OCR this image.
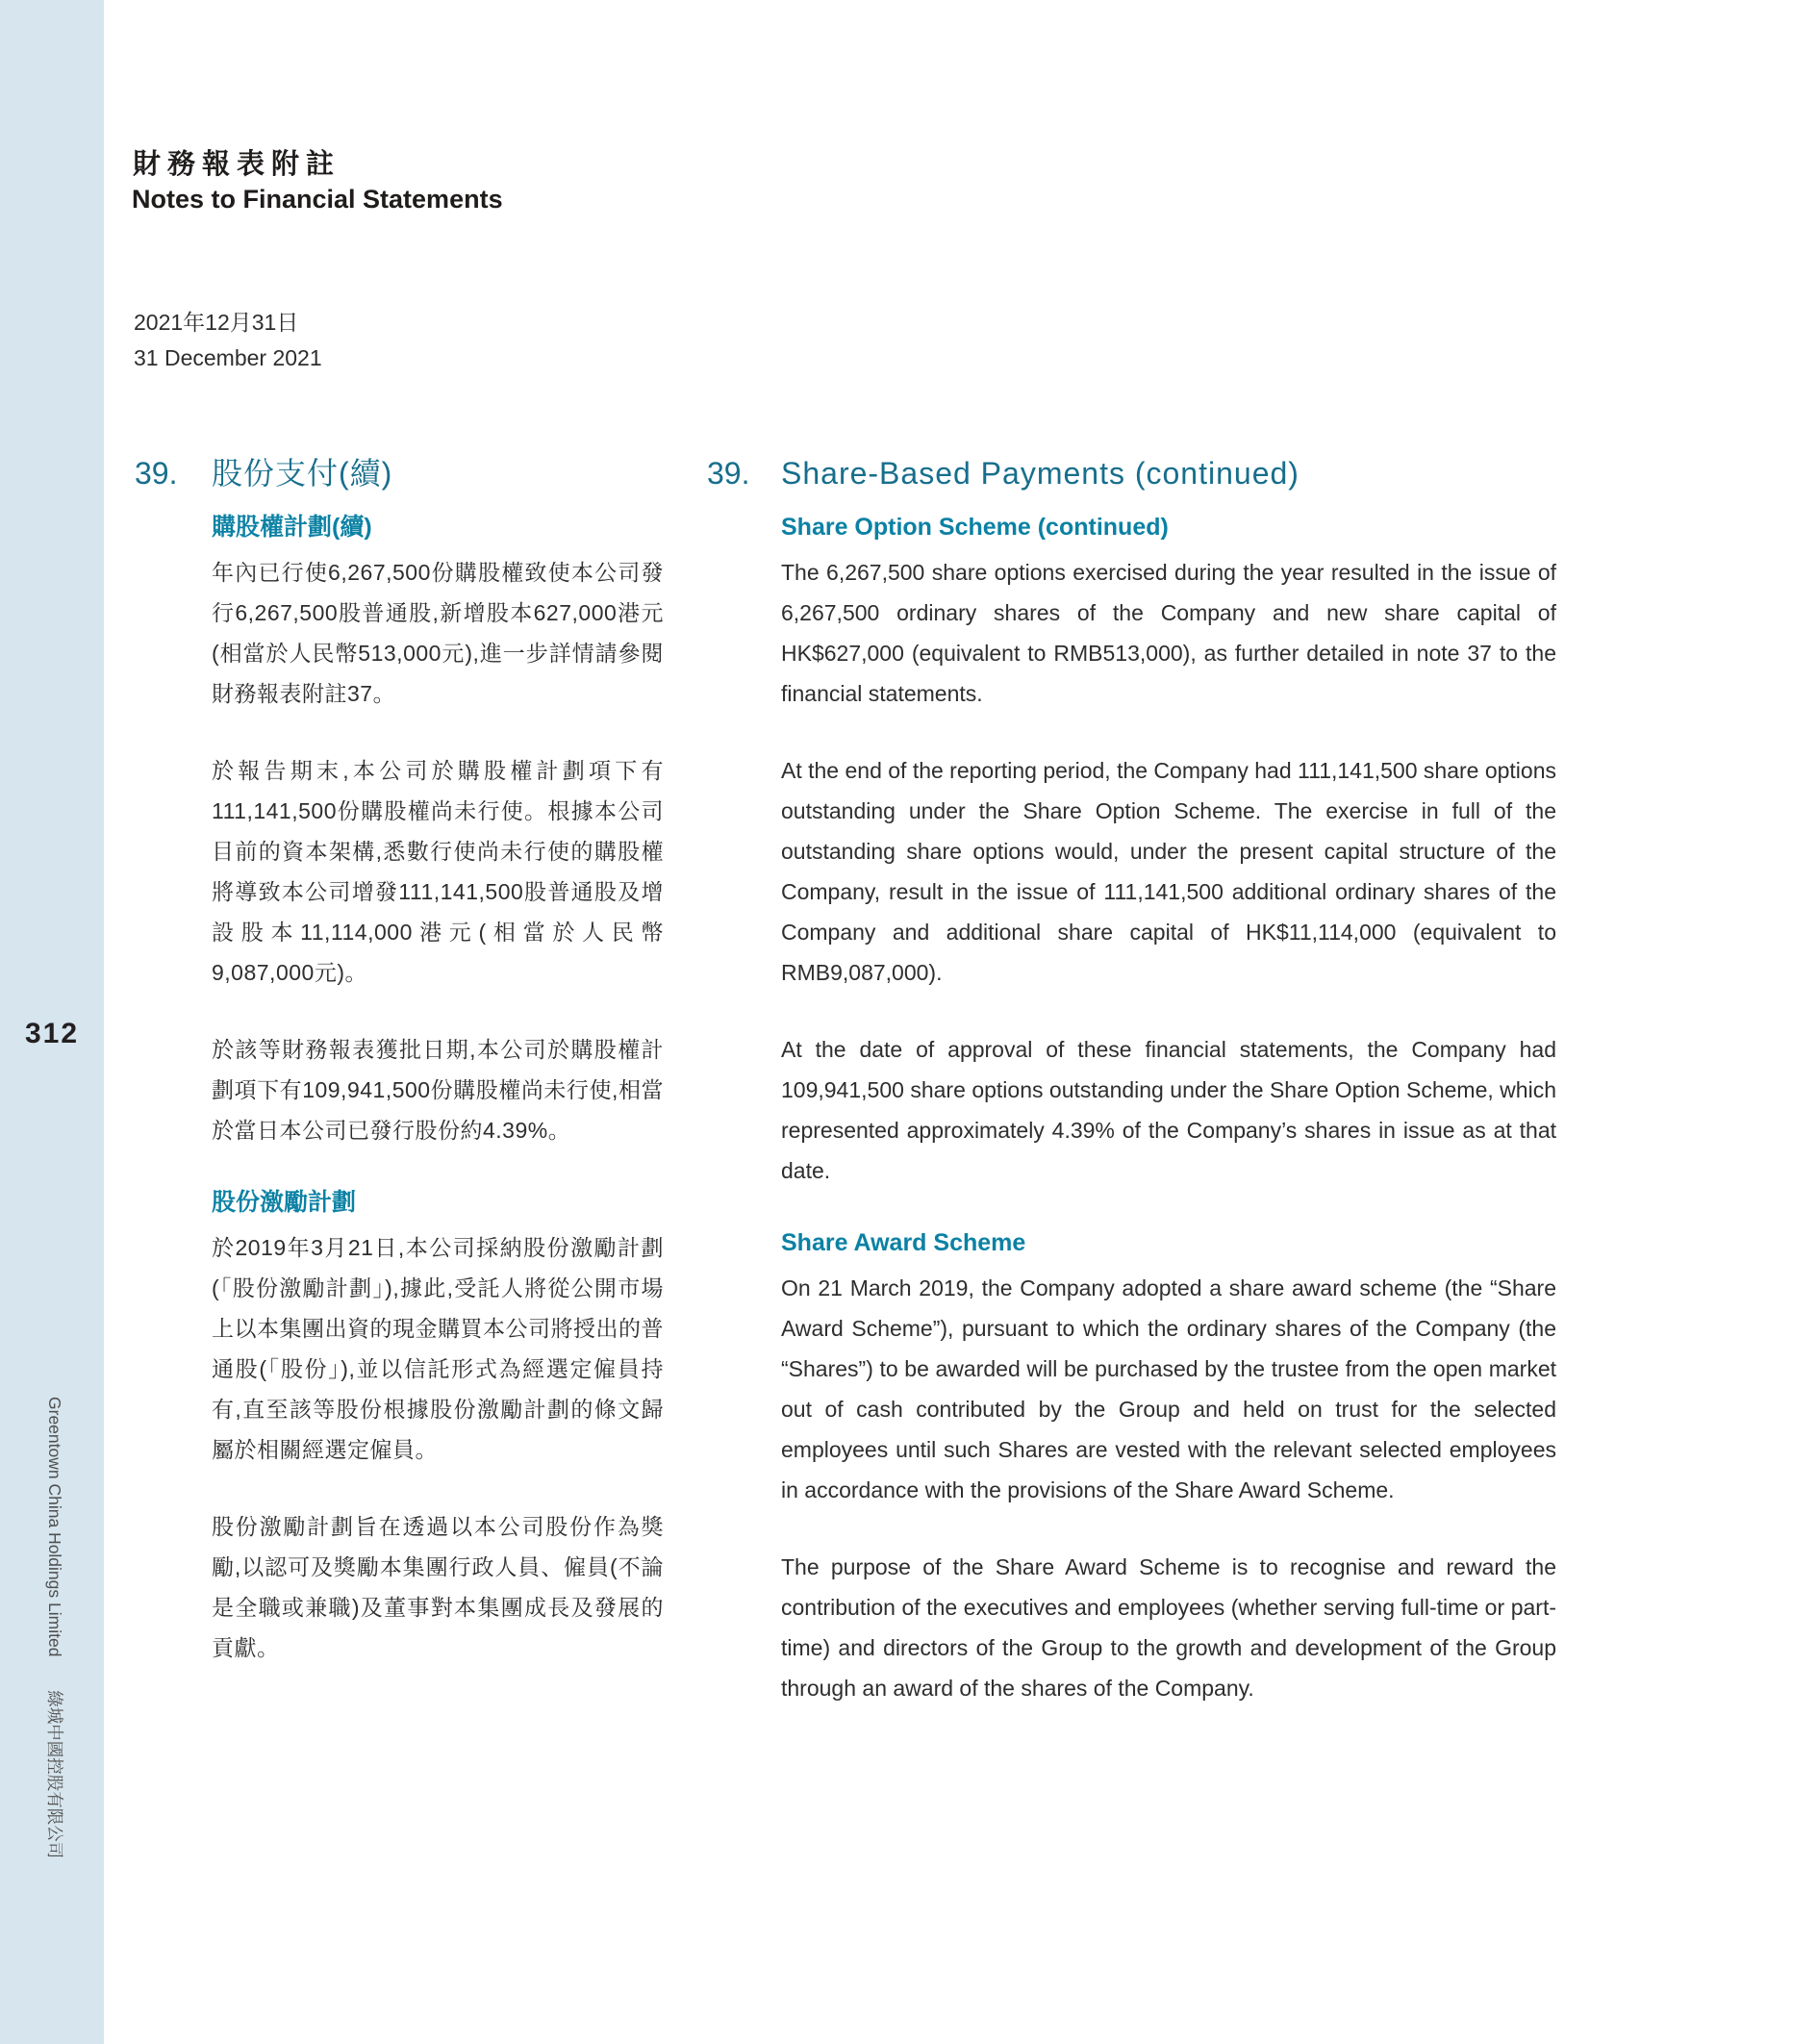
312
Greentown China Holdings Limited 綠城中國控股有限公司
財務報表附註
Notes to Financial Statements
2021年12月31日
31 December 2021
39.	39.
股份支付(續)
購股權計劃(續)

年內已行使6,267,500份購股權致使本公司發行6,267,500股普通股,新增股本627,000港元(相當於人民幣513,000元),進一步詳情請參閱財務報表附註37。

於報告期末,本公司於購股權計劃項下有111,141,500份購股權尚未行使。根據本公司目前的資本架構,悉數行使尚未行使的購股權將導致本公司增發111,141,500股普通股及增設股本11,114,000港元(相當於人民幣9,087,000元)。

於該等財務報表獲批日期,本公司於購股權計劃項下有109,941,500份購股權尚未行使,相當於當日本公司已發行股份約4.39%。

股份激勵計劃

於2019年3月21日,本公司採納股份激勵計劃(「股份激勵計劃」),據此,受託人將從公開市場上以本集團出資的現金購買本公司將授出的普通股(「股份」),並以信託形式為經選定僱員持有,直至該等股份根據股份激勵計劃的條文歸屬於相關經選定僱員。

股份激勵計劃旨在透過以本公司股份作為獎勵,以認可及獎勵本集團行政人員、僱員(不論是全職或兼職)及董事對本集團成長及發展的貢獻。

Share-Based Payments (continued)
Share Option Scheme (continued)

The 6,267,500 share options exercised during the year resulted in the issue of 6,267,500 ordinary shares of the Company and new share capital of HK$627,000 (equivalent to RMB513,000), as further detailed in note 37 to the financial statements.

At the end of the reporting period, the Company had 111,141,500 share options outstanding under the Share Option Scheme. The exercise in full of the outstanding share options would, under the present capital structure of the Company, result in the issue of 111,141,500 additional ordinary shares of the Company and additional share capital of HK$11,114,000 (equivalent to RMB9,087,000).

At the date of approval of these financial statements, the Company had 109,941,500 share options outstanding under the Share Option Scheme, which represented approximately 4.39% of the Company’s shares in issue as at that date.

Share Award Scheme

On 21 March 2019, the Company adopted a share award scheme (the “Share Award Scheme”), pursuant to which the ordinary shares of the Company (the “Shares”) to be awarded will be purchased by the trustee from the open market out of cash contributed by the Group and held on trust for the selected employees until such Shares are vested with the relevant selected employees in accordance with the provisions of the Share Award Scheme.

The purpose of the Share Award Scheme is to recognise and reward the contribution of the executives and employees (whether serving full-time or part-time) and directors of the Group to the growth and development of the Group through an award of the shares of the Company.
